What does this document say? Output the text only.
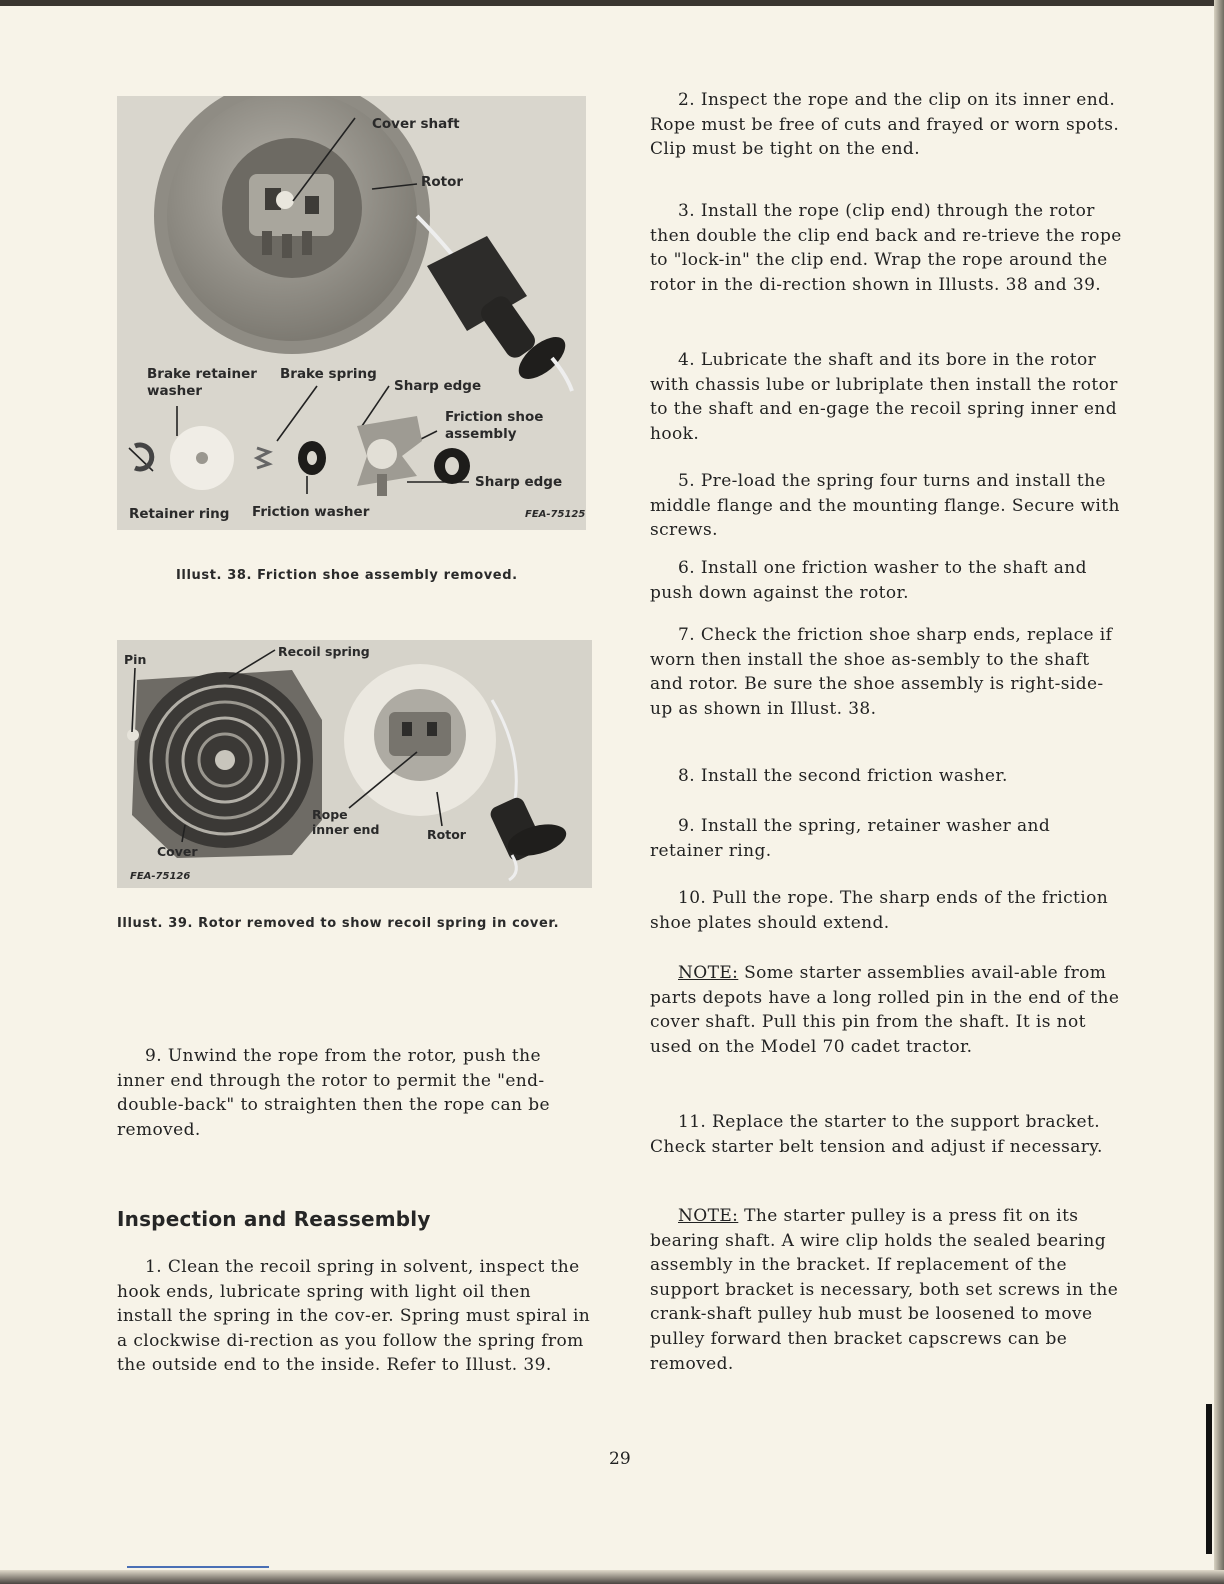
Cover shaft
Rotor
Brake retainer
washer
Brake spring
Sharp edge
Friction shoe
assembly
Sharp edge
Retainer ring Friction washer	FEA-75125
Illust. 38. Friction shoe assembly removed.
Pin
Recoil spring
Rope
inner end	Rotor
Cover
FEA-75126
Illust. 39. Rotor removed to show recoil spring in cover.

9. Unwind the rope from the rotor, push the inner end through the rotor to permit the "end-double-back" to straighten then the rope can be removed.

Inspection and Reassembly

1. Clean the recoil spring in solvent, inspect the hook ends, lubricate spring with light oil then install the spring in the cov-er. Spring must spiral in a clockwise di-rection as you follow the spring from the outside end to the inside. Refer to Illust. 39.

2. Inspect the rope and the clip on its inner end. Rope must be free of cuts and frayed or worn spots. Clip must be tight on the end.

3. Install the rope (clip end) through the rotor then double the clip end back and re-trieve the rope to "lock-in" the clip end. Wrap the rope around the rotor in the di-rection shown in Illusts. 38 and 39.

4. Lubricate the shaft and its bore in the rotor with chassis lube or lubriplate then install the rotor to the shaft and en-gage the recoil spring inner end hook.

5. Pre-load the spring four turns and install the middle flange and the mounting flange. Secure with screws.

6. Install one friction washer to the shaft and push down against the rotor.

7. Check the friction shoe sharp ends, replace if worn then install the shoe as-sembly to the shaft and rotor. Be sure the shoe assembly is right-side-up as shown in Illust. 38.

8. Install the second friction washer.

9. Install the spring, retainer washer and retainer ring.

10. Pull the rope. The sharp ends of the friction shoe plates should extend.

NOTE: Some starter assemblies avail-able from parts depots have a long rolled pin in the end of the cover shaft. Pull this pin from the shaft. It is not used on the Model 70 cadet tractor.

11. Replace the starter to the support bracket. Check starter belt tension and adjust if necessary.

NOTE: The starter pulley is a press fit on its bearing shaft. A wire clip holds the sealed bearing assembly in the bracket. If replacement of the support bracket is necessary, both set screws in the crank-shaft pulley hub must be loosened to move pulley forward then bracket capscrews can be removed.

29
